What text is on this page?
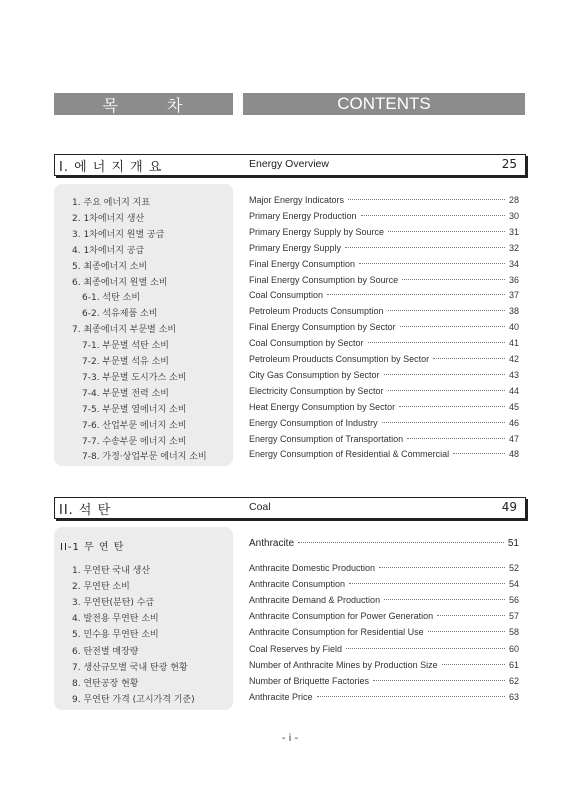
목 차	CONTENTS
I. 에 너 지 개 요	Energy Overview	25
1. 주요 에너지 지표	Major Energy Indicators	28
2. 1차에너지 생산	Primary Energy Production	30
3. 1차에너지 원별 공급	Primary Energy Supply by Source	31
4. 1차에너지 공급	Primary Energy Supply	32
5. 최종에너지 소비	Final Energy Consumption	34
6. 최종에너지 원별 소비	Final Energy Consumption by Source	36
6-1. 석탄 소비	Coal Consumption	37
6-2. 석유제품 소비	Petroleum Products Consumption	38
7. 최종에너지 부문별 소비	Final Energy Consumption by Sector	40
7-1. 부문별 석탄 소비	Coal Consumption by Sector	41
7-2. 부문별 석유 소비	Petroleum Prouducts Consumption by Sector	42
7-3. 부문별 도시가스 소비	City Gas Consumption by Sector	43
7-4. 부문별 전력 소비	Electricity Consumption by Sector	44
7-5. 부문별 열에너지 소비	Heat Energy Consumption by Sector	45
7-6. 산업부문 에너지 소비	Energy Consumption of Industry	46
7-7. 수송부문 에너지 소비	Energy Consumption of Transportation	47
7-8. 가정·상업부문 에너지 소비	Energy Consumption of Residential & Commercial	48
II. 석 탄	Coal	49
II-1 무 연 탄	Anthracite	51
1. 무연탄 국내 생산	Anthracite Domestic Production	52
2. 무연탄 소비	Anthracite Consumption	54
3. 무연탄(분탄) 수급	Anthracite Demand & Production	56
4. 발전용 무연탄 소비	Anthracite Consumption for Power Generation	57
5. 민수용 무연탄 소비	Anthracite Consumption for Residential Use	58
6. 탄전별 매장량	Coal Reserves by Field	60
7. 생산규모별 국내 탄광 현황	Number of Anthracite Mines by Production Size	61
8. 연탄공장 현황	Number of Briquette Factories	62
9. 무연탄 가격 (고시가격 기준)	Anthracite Price	63
- i -
